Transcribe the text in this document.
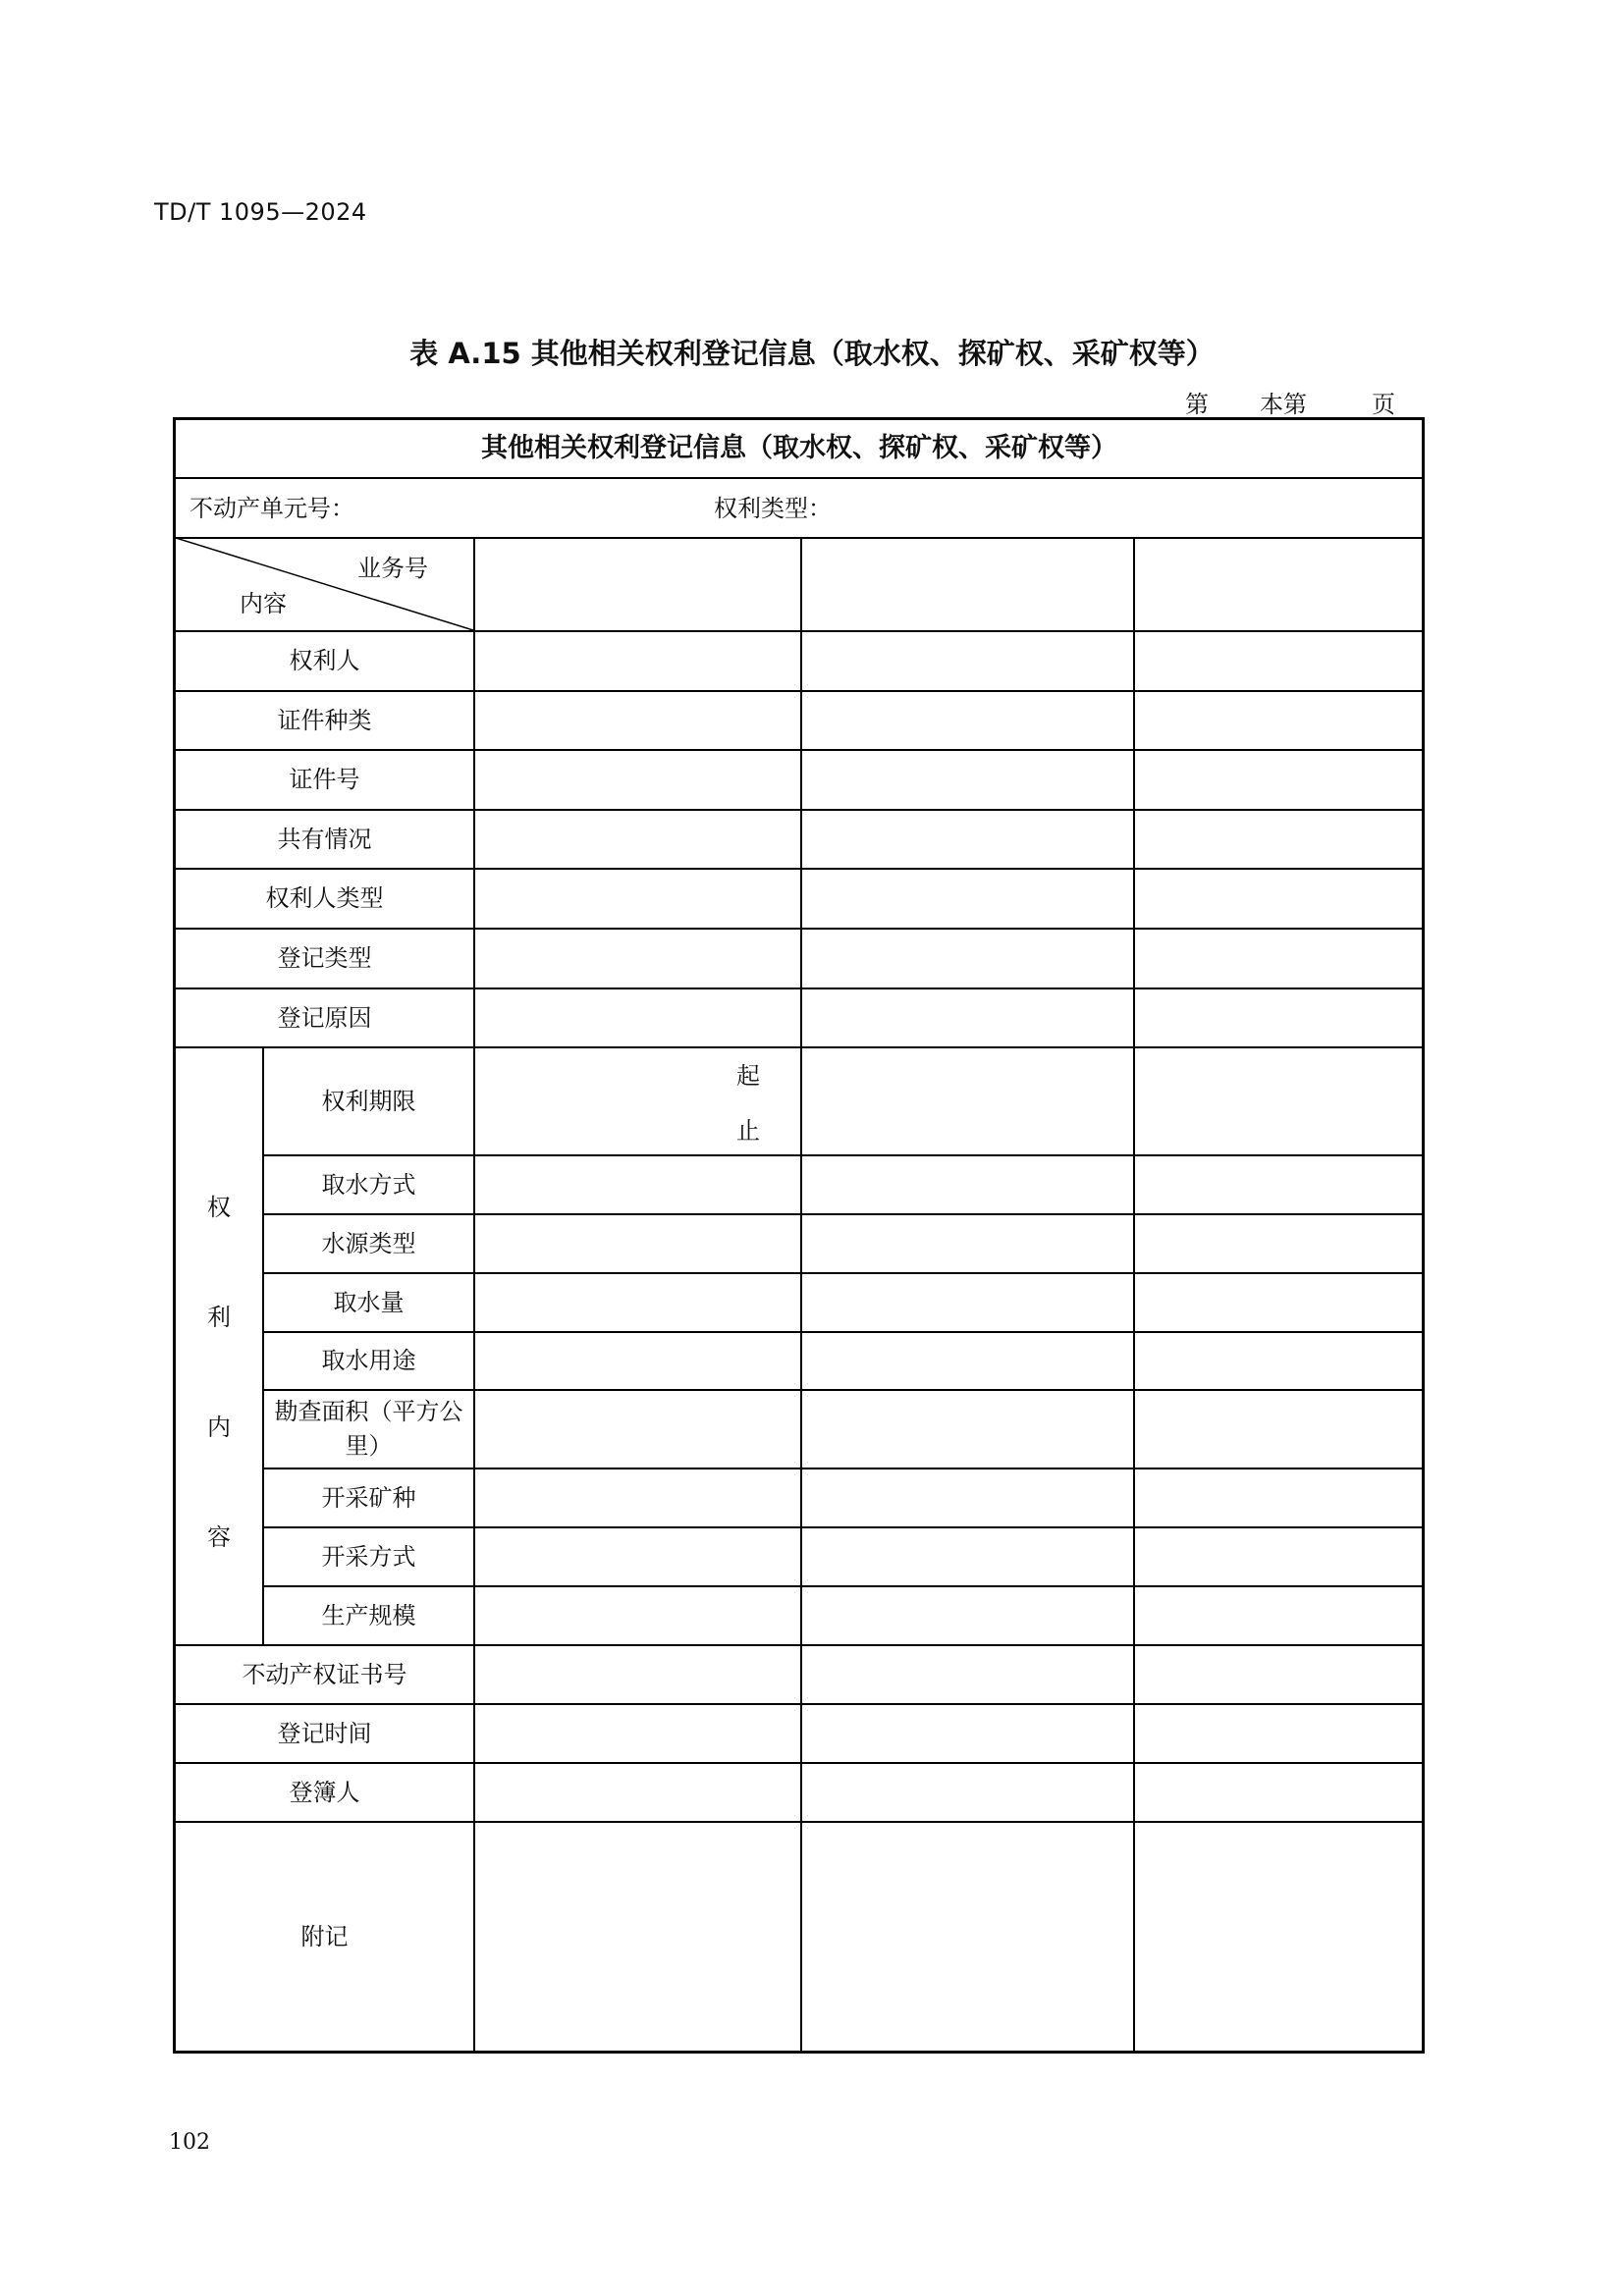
TD/T 1095—2024
表 A.15 其他相关权利登记信息（取水权、探矿权、采矿权等）
第 本第	页
其他相关权利登记信息（取水权、探矿权、采矿权等）
不动产单元号：	权利类型：
业务号
内容
权利人
证件种类
证件号
共有情况
权利人类型
登记类型
登记原因
权
利
内
容
权利期限
起
止
取水方式
水源类型
取水量
取水用途
勘查面积（平方公里）
开采矿种
开采方式
生产规模
不动产权证书号
登记时间
登簿人
附记
102
